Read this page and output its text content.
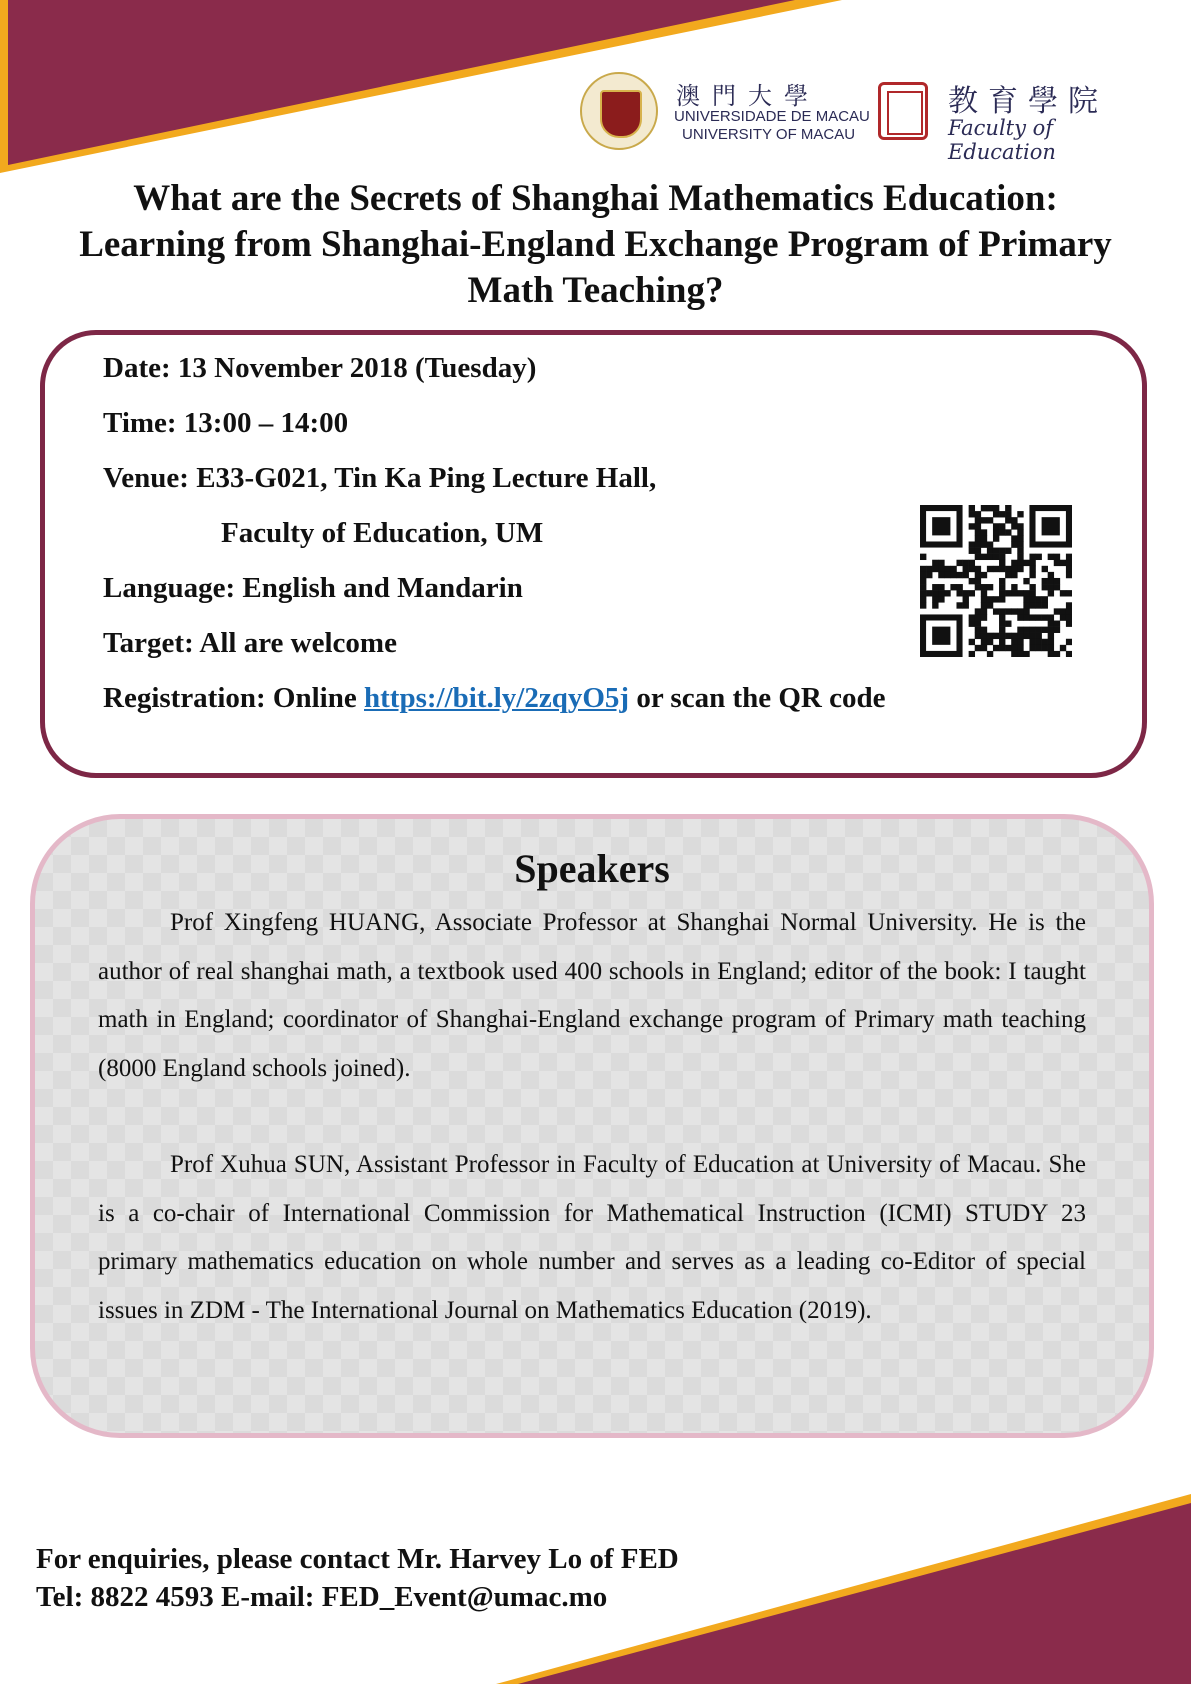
澳門大學
UNIVERSIDADE DE MACAU
UNIVERSITY OF MACAU
教育學院
Faculty of Education
What are the Secrets of Shanghai Mathematics Education: Learning from Shanghai-England Exchange Program of Primary Math Teaching?
Date: 13 November 2018 (Tuesday)
Time: 13:00 – 14:00
Venue: E33-G021, Tin Ka Ping Lecture Hall,
Faculty of Education, UM
Language: English and Mandarin
Target: All are welcome
Registration: Online https://bit.ly/2zqyO5j or scan the QR code
Speakers

Prof Xingfeng HUANG, Associate Professor at Shanghai Normal University. He is the author of real shanghai math, a textbook used 400 schools in England; editor of the book: I taught math in England; coordinator of Shanghai-England exchange program of Primary math teaching (8000 England schools joined).

Prof Xuhua SUN, Assistant Professor in Faculty of Education at University of Macau. She is a co-chair of International Commission for Mathematical Instruction (ICMI) STUDY 23 primary mathematics education on whole number and serves as a leading co-Editor of special issues in ZDM - The International Journal on Mathematics Education (2019).

For enquiries, please contact Mr. Harvey Lo of FED
Tel: 8822 4593 E-mail: FED_Event@umac.mo
